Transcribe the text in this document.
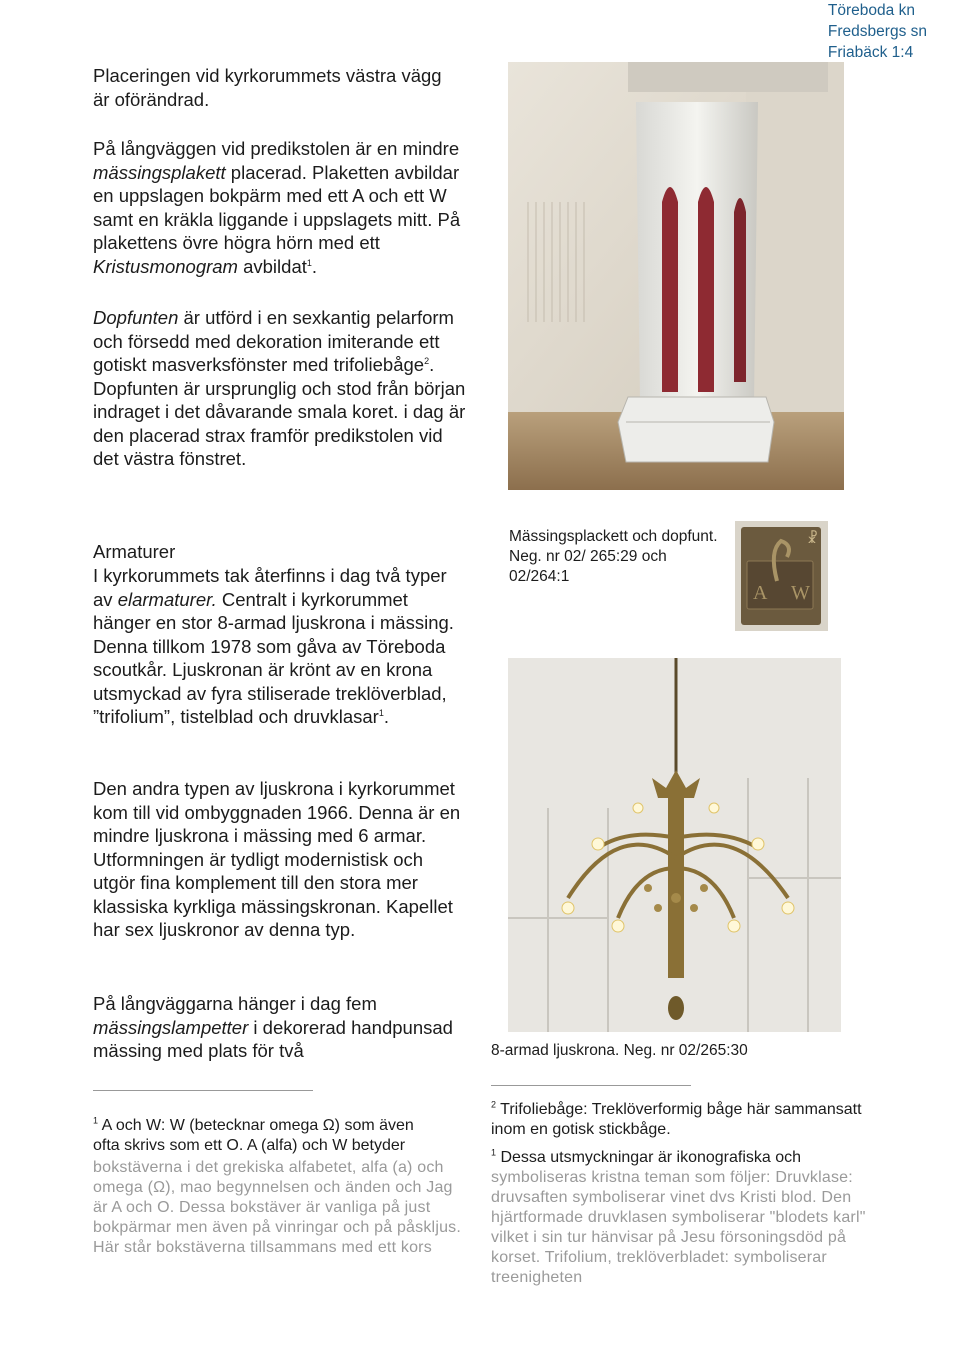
Töreboda kn
Fredsbergs sn
Friabäck 1:4

Placeringen vid kyrkorummets västra vägg är oförändrad.

På långväggen vid predikstolen är en mindre mässingsplakett placerad. Plaketten avbildar en uppslagen bokpärm med ett A och ett W samt en kräkla liggande i uppslagets mitt. På plakettens övre högra hörn med ett Kristusmonogram avbildat$^1$.

Dopfunten är utförd i en sexkantig pelarform och försedd med dekoration imiterande ett gotiskt masverksfönster med trifoliebåge$^2$. Dopfunten är ursprunglig och stod från början indraget i det dåvarande smala koret. i dag är den placerad strax framför predikstolen vid det västra fönstret.

Armaturer

I kyrkorummets tak återfinns i dag två typer av elarmaturer. Centralt i kyrkorummet hänger en stor 8-armad ljuskrona i mässing. Denna tillkom 1978 som gåva av Töreboda scoutkår. Ljuskronan är krönt av en krona utsmyckad av fyra stiliserade treklöverblad, ”trifolium”, tistelblad och druvklasar$^1$.

Den andra typen av ljuskrona i kyrkorummet kom till vid ombyggnaden 1966. Denna är en mindre ljuskrona i mässing med 6 armar. Utformningen är tydligt modernistisk och utgör fina komplement till den stora mer klassiska kyrkliga mässingskronan. Kapellet har sex ljuskronor av denna typ.

På långväggarna hänger i dag fem mässingslampetter i dekorerad handpunsad mässing med plats för två

Mässingsplackett och dopfunt. Neg. nr 02/ 265:29 och 02/264:1
A W
☧
8-armad ljuskrona. Neg. nr 02/265:30
$^1$ A och W: W (betecknar omega Ω) som även
ofta skrivs som ett O. A (alfa) och W betyder
bokstäverna i det grekiska alfabetet, alfa (a) och omega (Ω), mao begynnelsen och änden och Jag är A och O. Dessa bokstäver är vanliga på just bokpärmar men även på vinringar och på påskljus. Här står bokstäverna tillsammans med ett kors
$^2$ Trifoliebåge: Treklöverformig båge här sammansatt inom en gotisk stickbåge.
$^1$ Dessa utsmyckningar är ikonografiska och
symboliseras kristna teman som följer: Druvklase: druvsaften symboliserar vinet dvs Kristi blod. Den hjärtformade druvklasen symboliserar "blodets karl" vilket i sin tur hänvisar på Jesu försoningsdöd på korset. Trifolium, treklöverbladet: symboliserar treenigheten
